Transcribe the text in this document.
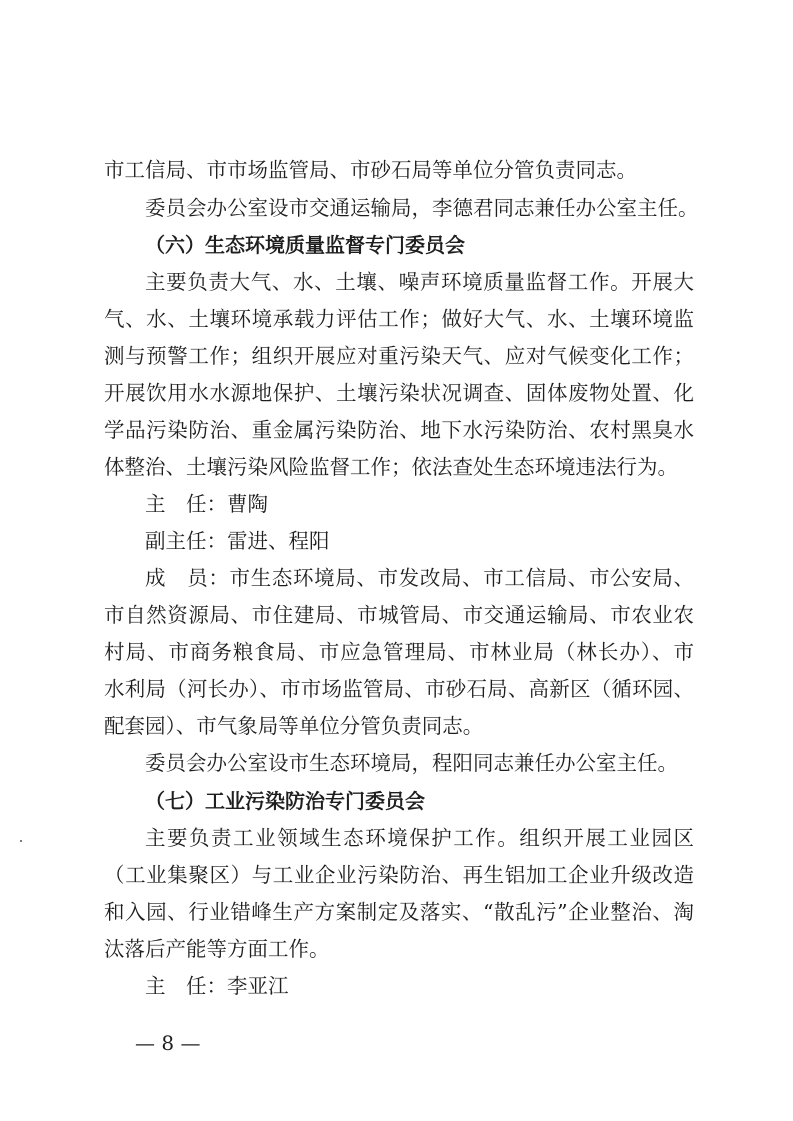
市工信局、市市场监管局、市砂石局等单位分管负责同志。
委员会办公室设市交通运输局，李德君同志兼任办公室主任。
（六）生态环境质量监督专门委员会
主要负责大气、水、土壤、噪声环境质量监督工作。开展大
气、水、土壤环境承载力评估工作；做好大气、水、土壤环境监
测与预警工作；组织开展应对重污染天气、应对气候变化工作；
开展饮用水水源地保护、土壤污染状况调查、固体废物处置、化
学品污染防治、重金属污染防治、地下水污染防治、农村黑臭水
体整治、土壤污染风险监督工作；依法查处生态环境违法行为。
主　任：曹陶
副主任：雷进、程阳
成　员：市生态环境局、市发改局、市工信局、市公安局、
市自然资源局、市住建局、市城管局、市交通运输局、市农业农
村局、市商务粮食局、市应急管理局、市林业局（林长办）、市
水利局（河长办）、市市场监管局、市砂石局、高新区（循环园、
配套园）、市气象局等单位分管负责同志。
委员会办公室设市生态环境局，程阳同志兼任办公室主任。
（七）工业污染防治专门委员会
主要负责工业领域生态环境保护工作。组织开展工业园区
（工业集聚区）与工业企业污染防治、再生铝加工企业升级改造
和入园、行业错峰生产方案制定及落实、“散乱污”企业整治、淘
汰落后产能等方面工作。
主　任：李亚江
— 8 —
